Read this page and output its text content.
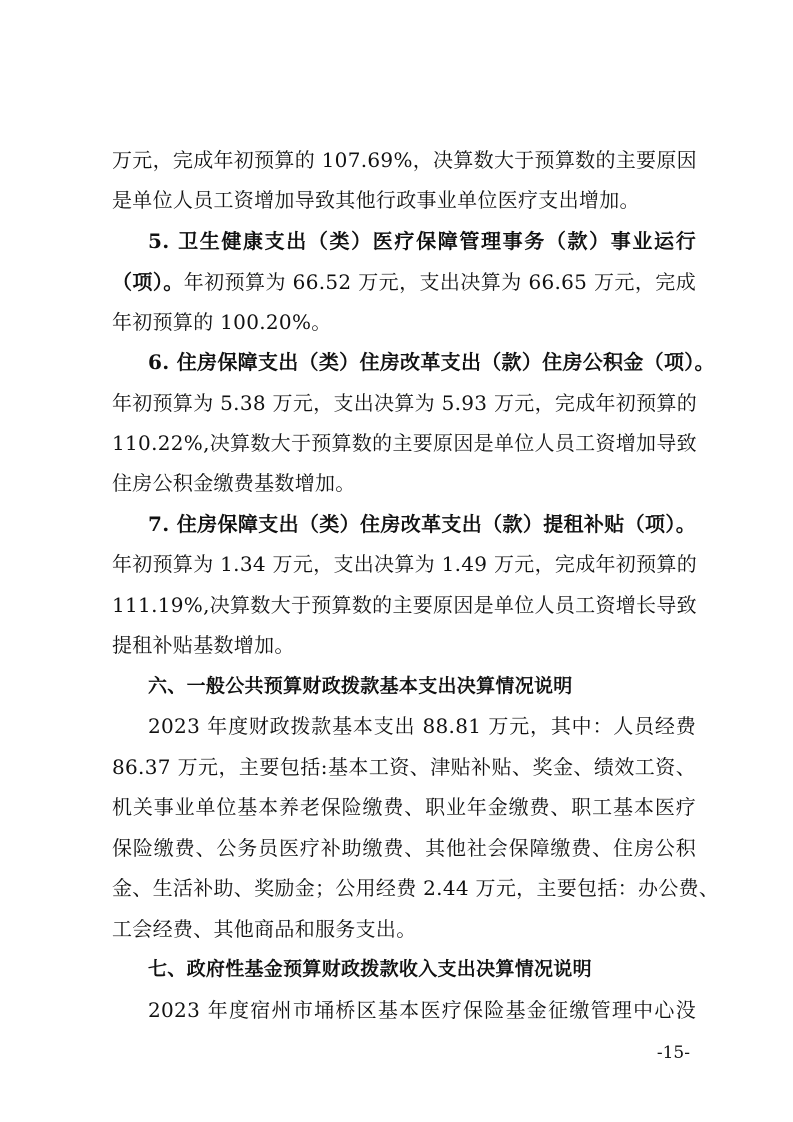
万元，完成年初预算的 107.69%，决算数大于预算数的主要原因
是单位人员工资增加导致其他行政事业单位医疗支出增加。
5. 卫生健康支出（类）医疗保障管理事务（款）事业运行
（项）。年初预算为 66.52 万元，支出决算为 66.65 万元，完成
年初预算的 100.20%。
6. 住房保障支出（类）住房改革支出（款）住房公积金（项）。
年初预算为 5.38 万元，支出决算为 5.93 万元，完成年初预算的
110.22%,决算数大于预算数的主要原因是单位人员工资增加导致
住房公积金缴费基数增加。
7. 住房保障支出（类）住房改革支出（款）提租补贴（项）。
年初预算为 1.34 万元，支出决算为 1.49 万元，完成年初预算的
111.19%,决算数大于预算数的主要原因是单位人员工资增长导致
提租补贴基数增加。
六、一般公共预算财政拨款基本支出决算情况说明
2023 年度财政拨款基本支出 88.81 万元，其中：人员经费
86.37 万元，主要包括:基本工资、津贴补贴、奖金、绩效工资、
机关事业单位基本养老保险缴费、职业年金缴费、职工基本医疗
保险缴费、公务员医疗补助缴费、其他社会保障缴费、住房公积
金、生活补助、奖励金；公用经费 2.44 万元，主要包括：办公费、
工会经费、其他商品和服务支出。
七、政府性基金预算财政拨款收入支出决算情况说明
2023 年度宿州市埇桥区基本医疗保险基金征缴管理中心没
-15-
